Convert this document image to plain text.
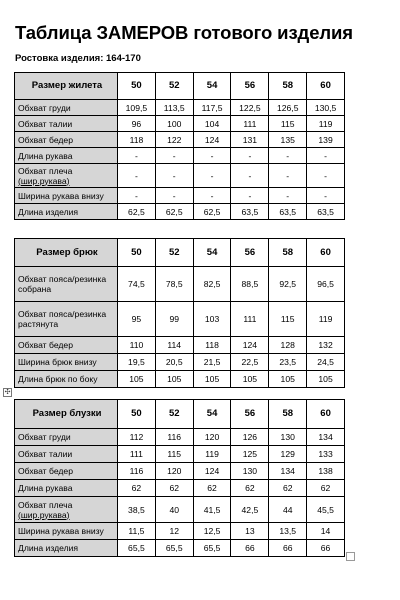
Таблица ЗАМЕРОВ готового изделия
Ростовка изделия: 164-170
Размер жилета	50	52	54	56	58	60
Обхват груди	109,5	113,5	117,5	122,5	126,5	130,5
Обхват талии	96	100	104	111	115	119
Обхват бедер	118	122	124	131	135	139
Длина рукава	-	-	-	-	-	-
Обхват плеча
(шир.рукава)	-	-	-	-	-	-
Ширина рукава внизу	-	-	-	-	-	-
Длина изделия	62,5	62,5	62,5	63,5	63,5	63,5
Размер брюк	50	52	54	56	58	60
Обхват пояса/резинка собрана	74,5	78,5	82,5	88,5	92,5	96,5
Обхват пояса/резинка растянута	95	99	103	111	115	119
Обхват бедер	110	114	118	124	128	132
Ширина брюк внизу	19,5	20,5	21,5	22,5	23,5	24,5
Длина брюк по боку	105	105	105	105	105	105
✣
Размер блузки	50	52	54	56	58	60
Обхват груди	112	116	120	126	130	134
Обхват талии	111	115	119	125	129	133
Обхват бедер	116	120	124	130	134	138
Длина рукава	62	62	62	62	62	62
Обхват плеча
(шир.рукава)	38,5	40	41,5	42,5	44	45,5
Ширина рукава внизу	11,5	12	12,5	13	13,5	14
Длина изделия	65,5	65,5	65,5	66	66	66
